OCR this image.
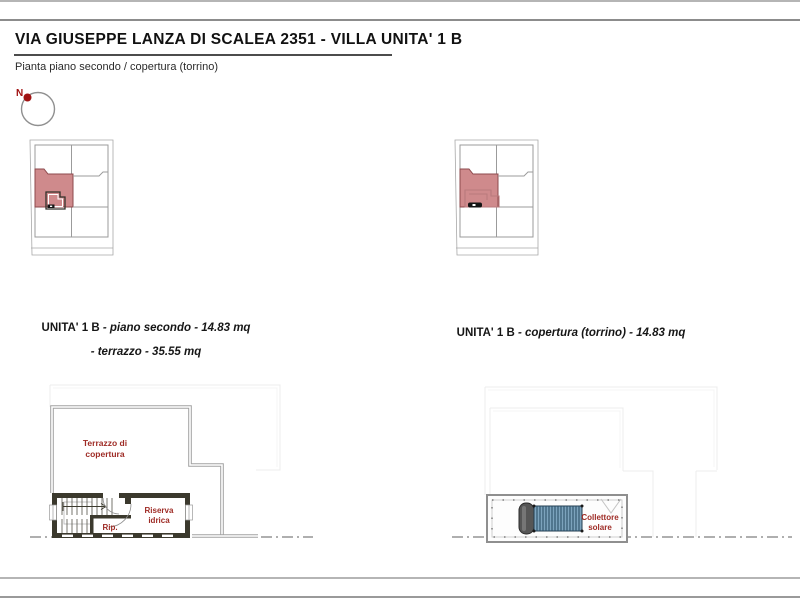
VIA GIUSEPPE LANZA DI SCALEA 2351 - VILLA UNITA' 1 B
Pianta piano secondo / copertura (torrino)
N
UNITA' 1 B - piano secondo - 14.83 mq
- terrazzo - 35.55 mq
UNITA' 1 B - copertura (torrino) - 14.83 mq
Terrazzo di
copertura
Rip.
Riserva
idrica	Collettore
solare
